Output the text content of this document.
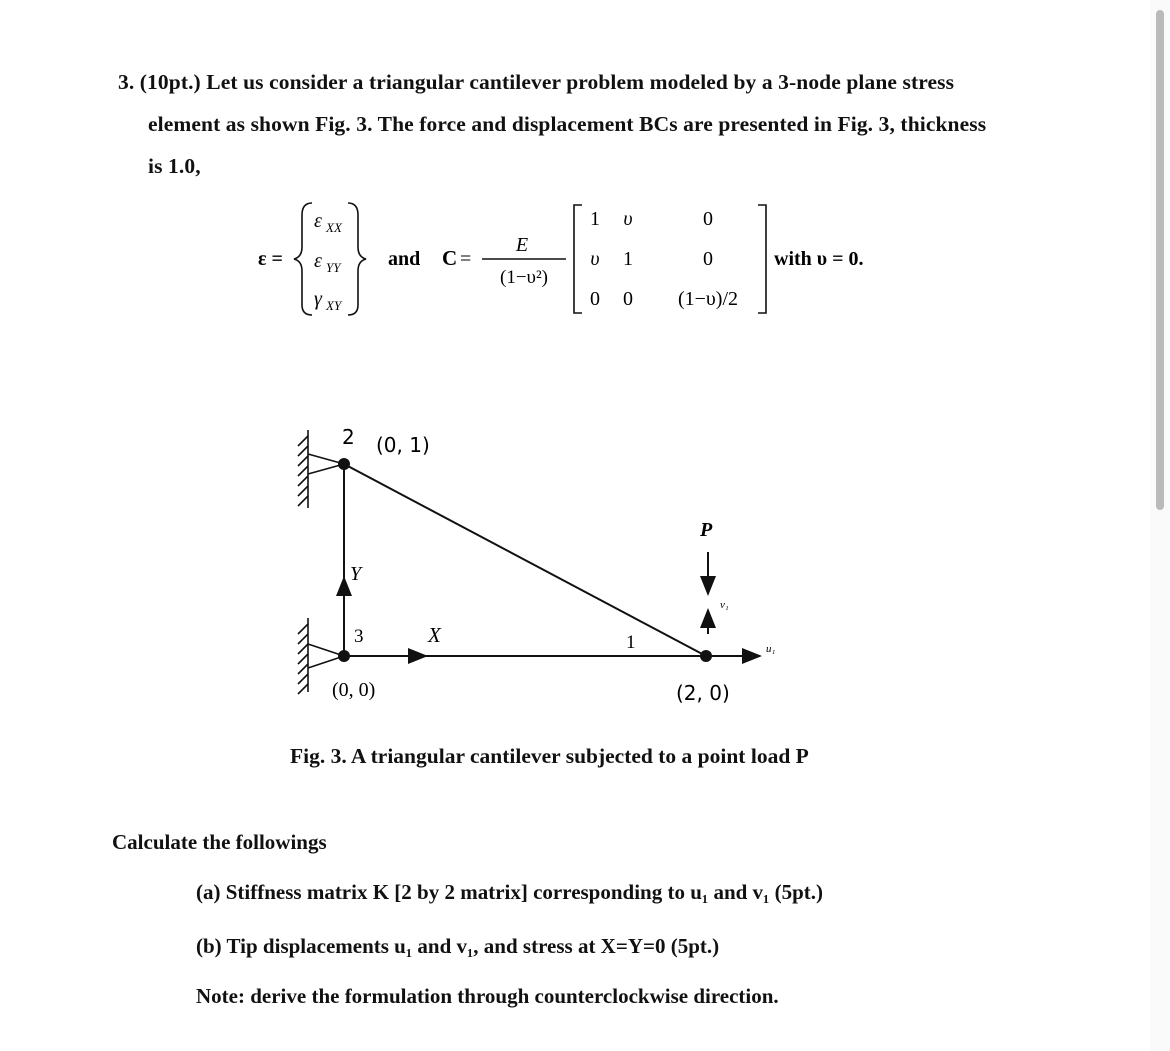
3. (10pt.) Let us consider a triangular cantilever problem modeled by a 3-node plane stress
element as shown Fig. 3. The force and displacement BCs are presented in Fig. 3, thickness
is 1.0,
ε =
ε XX
ε YY
γ XY
and C =
E
(1−υ²)
1 υ	0
υ 1	0
0 0 (1−υ)/2
with υ = 0.
2 (0, 1)
Y
3	X
(0, 0)
1
(2, 0)
P
v₁
u₁
Fig. 3. A triangular cantilever subjected to a point load P
Calculate the followings
(a) Stiffness matrix K [2 by 2 matrix] corresponding to u₁ and v₁ (5pt.)
(b) Tip displacements u₁ and v₁, and stress at X=Y=0 (5pt.)
Note: derive the formulation through counterclockwise direction.
